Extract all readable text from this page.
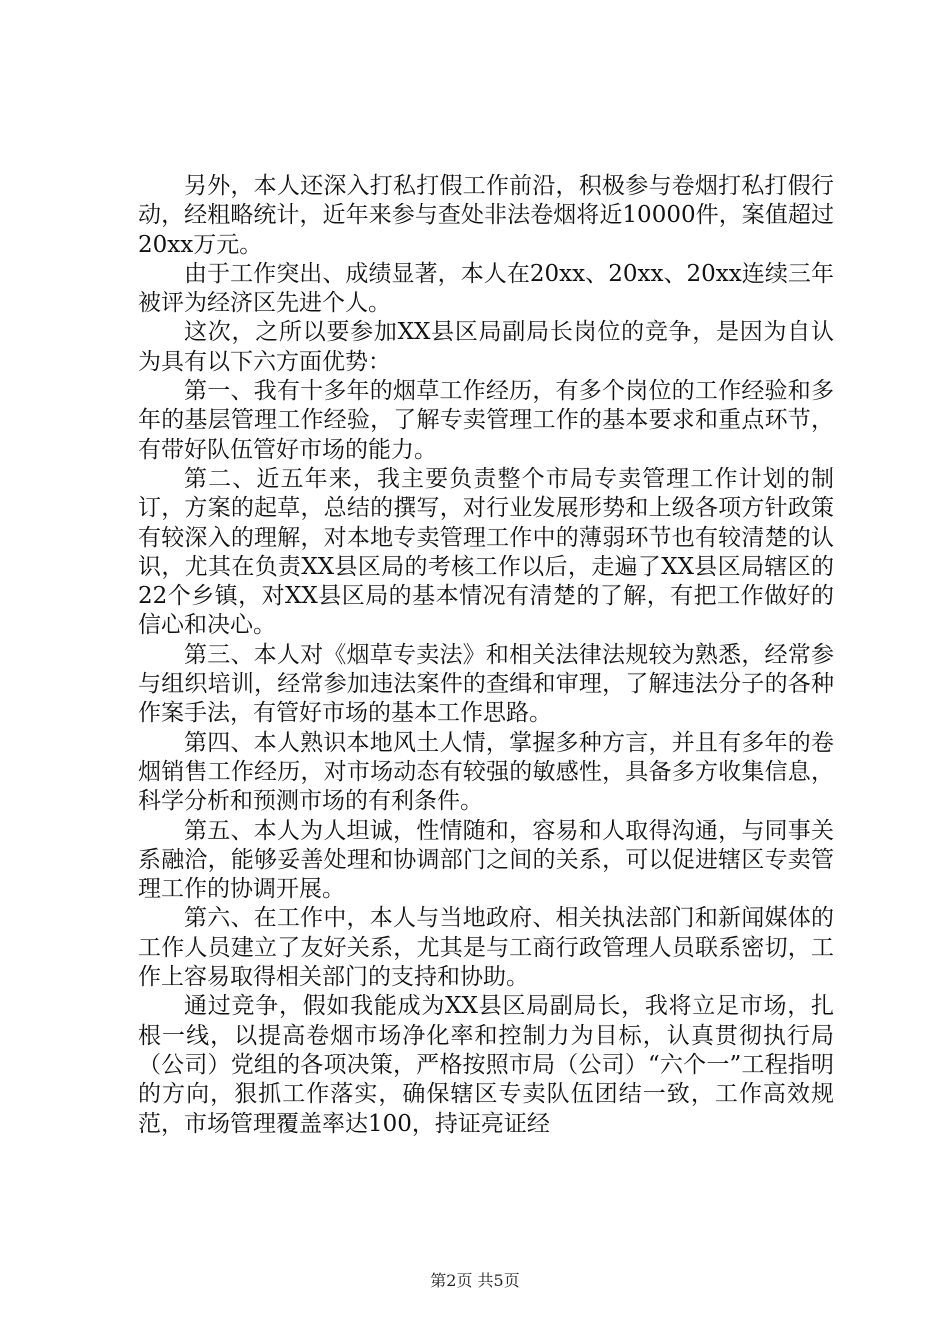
另外，本人还深入打私打假工作前沿，积极参与卷烟打私打假行动，经粗略统计，近年来参与查处非法卷烟将近10000件，案值超过20xx万元。

由于工作突出、成绩显著，本人在20xx、20xx、20xx连续三年被评为经济区先进个人。

这次，之所以要参加XX县区局副局长岗位的竞争，是因为自认为具有以下六方面优势：

第一、我有十多年的烟草工作经历，有多个岗位的工作经验和多年的基层管理工作经验，了解专卖管理工作的基本要求和重点环节，有带好队伍管好市场的能力。

第二、近五年来，我主要负责整个市局专卖管理工作计划的制订，方案的起草，总结的撰写，对行业发展形势和上级各项方针政策有较深入的理解，对本地专卖管理工作中的薄弱环节也有较清楚的认识，尤其在负责XX县区局的考核工作以后，走遍了XX县区局辖区的22个乡镇，对XX县区局的基本情况有清楚的了解，有把工作做好的信心和决心。

第三、本人对《烟草专卖法》和相关法律法规较为熟悉，经常参与组织培训，经常参加违法案件的查缉和审理，了解违法分子的各种作案手法，有管好市场的基本工作思路。

第四、本人熟识本地风土人情，掌握多种方言，并且有多年的卷烟销售工作经历，对市场动态有较强的敏感性，具备多方收集信息，科学分析和预测市场的有利条件。

第五、本人为人坦诚，性情随和，容易和人取得沟通，与同事关系融洽，能够妥善处理和协调部门之间的关系，可以促进辖区专卖管理工作的协调开展。

第六、在工作中，本人与当地政府、相关执法部门和新闻媒体的工作人员建立了友好关系，尤其是与工商行政管理人员联系密切，工作上容易取得相关部门的支持和协助。

通过竞争，假如我能成为XX县区局副局长，我将立足市场，扎根一线，以提高卷烟市场净化率和控制力为目标，认真贯彻执行局（公司）党组的各项决策，严格按照市局（公司）“六个一”工程指明的方向，狠抓工作落实，确保辖区专卖队伍团结一致，工作高效规范，市场管理覆盖率达100，持证亮证经

第2页 共5页
